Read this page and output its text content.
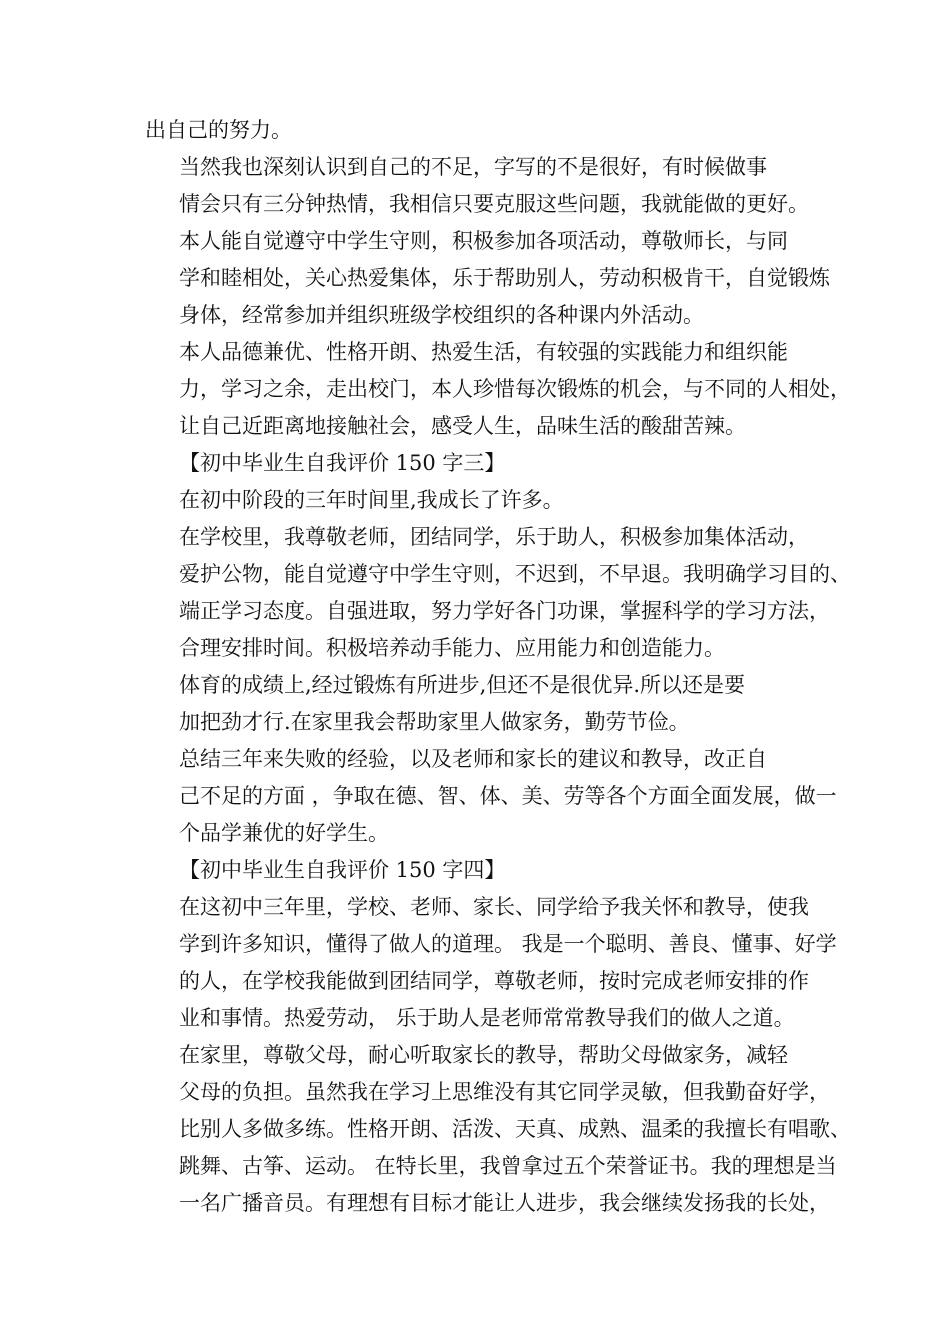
出自己的努力。

当然我也深刻认识到自己的不足，字写的不是很好，有时候做事
情会只有三分钟热情，我相信只要克服这些问题，我就能做的更好。

本人能自觉遵守中学生守则，积极参加各项活动，尊敬师长，与同
学和睦相处，关心热爱集体，乐于帮助别人，劳动积极肯干，自觉锻炼
身体，经常参加并组织班级学校组织的各种课内外活动。

本人品德兼优、性格开朗、热爱生活，有较强的实践能力和组织能
力，学习之余，走出校门，本人珍惜每次锻炼的机会，与不同的人相处，
让自己近距离地接触社会，感受人生，品味生活的酸甜苦辣。

【初中毕业生自我评价 150 字三】

在初中阶段的三年时间里,我成长了许多。

在学校里，我尊敬老师，团结同学，乐于助人，积极参加集体活动，
爱护公物，能自觉遵守中学生守则，不迟到，不早退。我明确学习目的、
端正学习态度。自强进取，努力学好各门功课，掌握科学的学习方法，
合理安排时间。积极培养动手能力、应用能力和创造能力。

体育的成绩上,经过锻炼有所进步,但还不是很优异.所以还是要
加把劲才行.在家里我会帮助家里人做家务，勤劳节俭。

总结三年来失败的经验，以及老师和家长的建议和教导，改正自
己不足的方面 ，争取在德、智、体、美、劳等各个方面全面发展，做一
个品学兼优的好学生。

【初中毕业生自我评价 150 字四】

在这初中三年里，学校、老师、家长、同学给予我关怀和教导，使我
学到许多知识，懂得了做人的道理。 我是一个聪明、善良、懂事、好学
的人，在学校我能做到团结同学，尊敬老师，按时完成老师安排的作
业和事情。热爱劳动， 乐于助人是老师常常教导我们的做人之道。

在家里，尊敬父母，耐心听取家长的教导，帮助父母做家务，减轻
父母的负担。虽然我在学习上思维没有其它同学灵敏，但我勤奋好学，
比别人多做多练。性格开朗、活泼、天真、成熟、温柔的我擅长有唱歌、
跳舞、古筝、运动。 在特长里，我曾拿过五个荣誉证书。我的理想是当
一名广播音员。有理想有目标才能让人进步，我会继续发扬我的长处，
